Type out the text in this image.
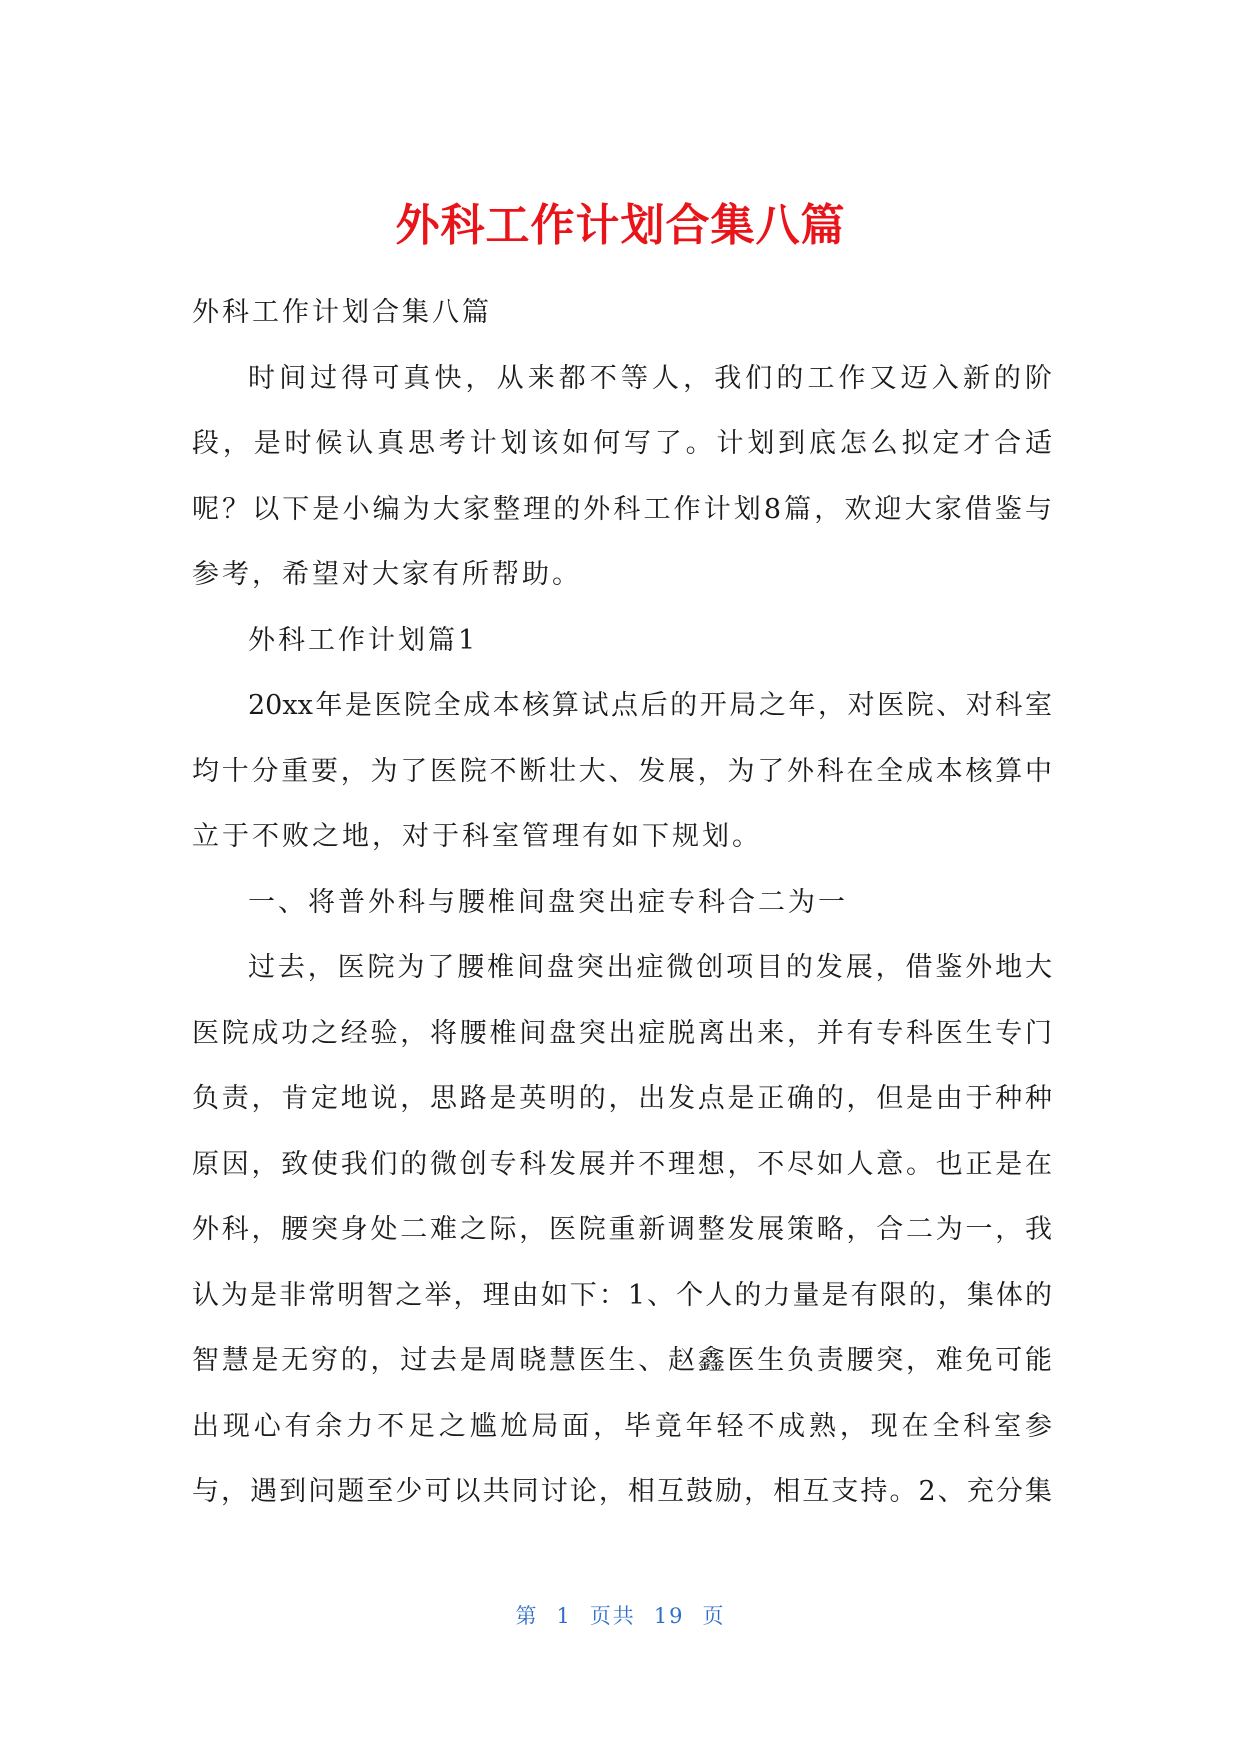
外科工作计划合集八篇
外科工作计划合集八篇
时间过得可真快，从来都不等人，我们的工作又迈入新的阶
段，是时候认真思考计划该如何写了。计划到底怎么拟定才合适
呢？以下是小编为大家整理的外科工作计划8篇，欢迎大家借鉴与
参考，希望对大家有所帮助。
外科工作计划篇1
20xx年是医院全成本核算试点后的开局之年，对医院、对科室
均十分重要，为了医院不断壮大、发展，为了外科在全成本核算中
立于不败之地，对于科室管理有如下规划。
一、将普外科与腰椎间盘突出症专科合二为一
过去，医院为了腰椎间盘突出症微创项目的发展，借鉴外地大
医院成功之经验，将腰椎间盘突出症脱离出来，并有专科医生专门
负责，肯定地说，思路是英明的，出发点是正确的，但是由于种种
原因，致使我们的微创专科发展并不理想，不尽如人意。也正是在
外科，腰突身处二难之际，医院重新调整发展策略，合二为一，我
认为是非常明智之举，理由如下：1、个人的力量是有限的，集体的
智慧是无穷的，过去是周晓慧医生、赵鑫医生负责腰突，难免可能
出现心有余力不足之尴尬局面，毕竟年轻不成熟，现在全科室参
与，遇到问题至少可以共同讨论，相互鼓励，相互支持。2、充分集
第 1 页共 19 页
